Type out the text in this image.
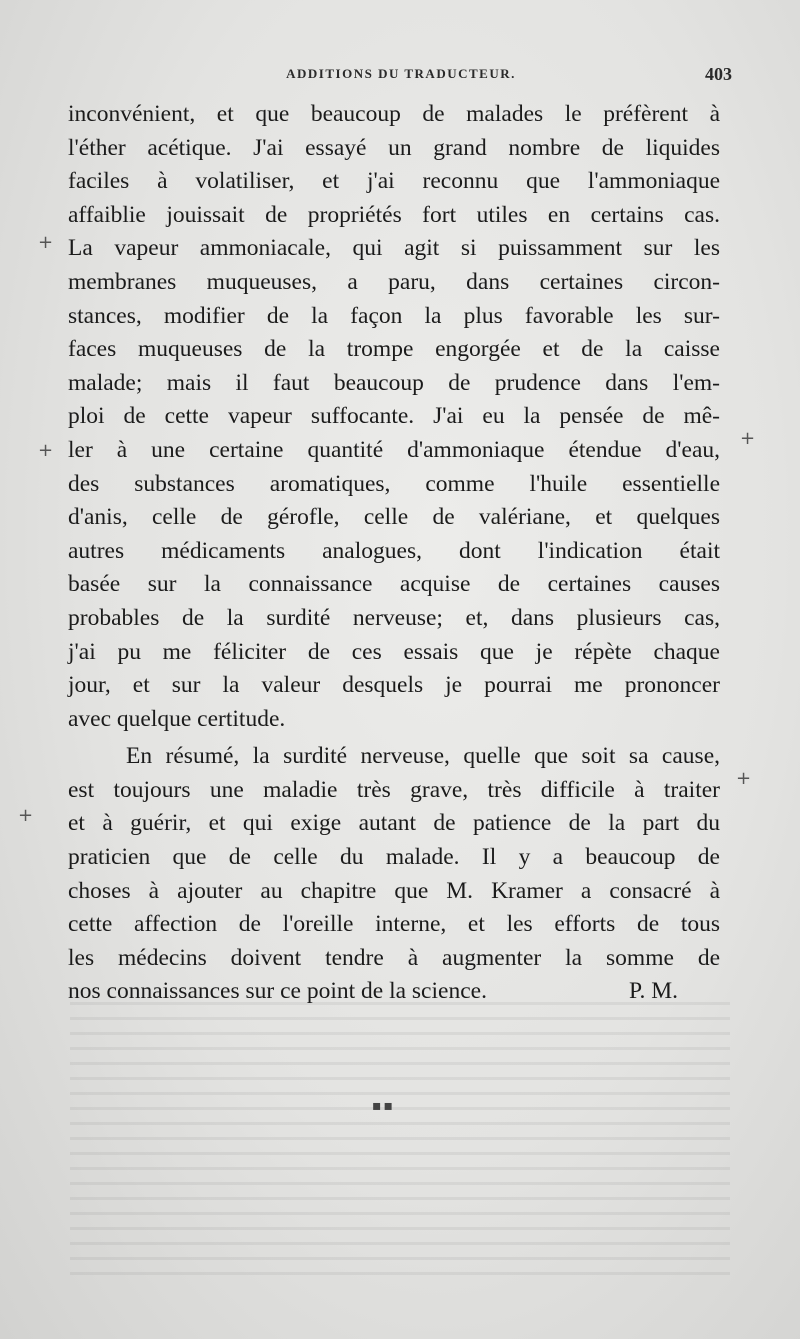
ADDITIONS DU TRADUCTEUR.	403
inconvénient, et que beaucoup de malades le préfèrent à
l'éther acétique. J'ai essayé un grand nombre de liquides
faciles à volatiliser, et j'ai reconnu que l'ammoniaque
affaiblie jouissait de propriétés fort utiles en certains cas.
La vapeur ammoniacale, qui agit si puissamment sur les
membranes muqueuses, a paru, dans certaines circon-
stances, modifier de la façon la plus favorable les sur-
faces muqueuses de la trompe engorgée et de la caisse
malade; mais il faut beaucoup de prudence dans l'em-
ploi de cette vapeur suffocante. J'ai eu la pensée de mê-
ler à une certaine quantité d'ammoniaque étendue d'eau,
des substances aromatiques, comme l'huile essentielle
d'anis, celle de gérofle, celle de valériane, et quelques
autres médicaments analogues, dont l'indication était
basée sur la connaissance acquise de certaines causes
probables de la surdité nerveuse; et, dans plusieurs cas,
j'ai pu me féliciter de ces essais que je répète chaque
jour, et sur la valeur desquels je pourrai me prononcer
avec quelque certitude.
En résumé, la surdité nerveuse, quelle que soit sa cause,
est toujours une maladie très grave, très difficile à traiter
et à guérir, et qui exige autant de patience de la part du
praticien que de celle du malade. Il y a beaucoup de
choses à ajouter au chapitre que M. Kramer a consacré à
cette affection de l'oreille interne, et les efforts de tous
les médecins doivent tendre à augmenter la somme de
nos connaissances sur ce point de la science.	P. M.
+
+
+
+
+
▪▪
